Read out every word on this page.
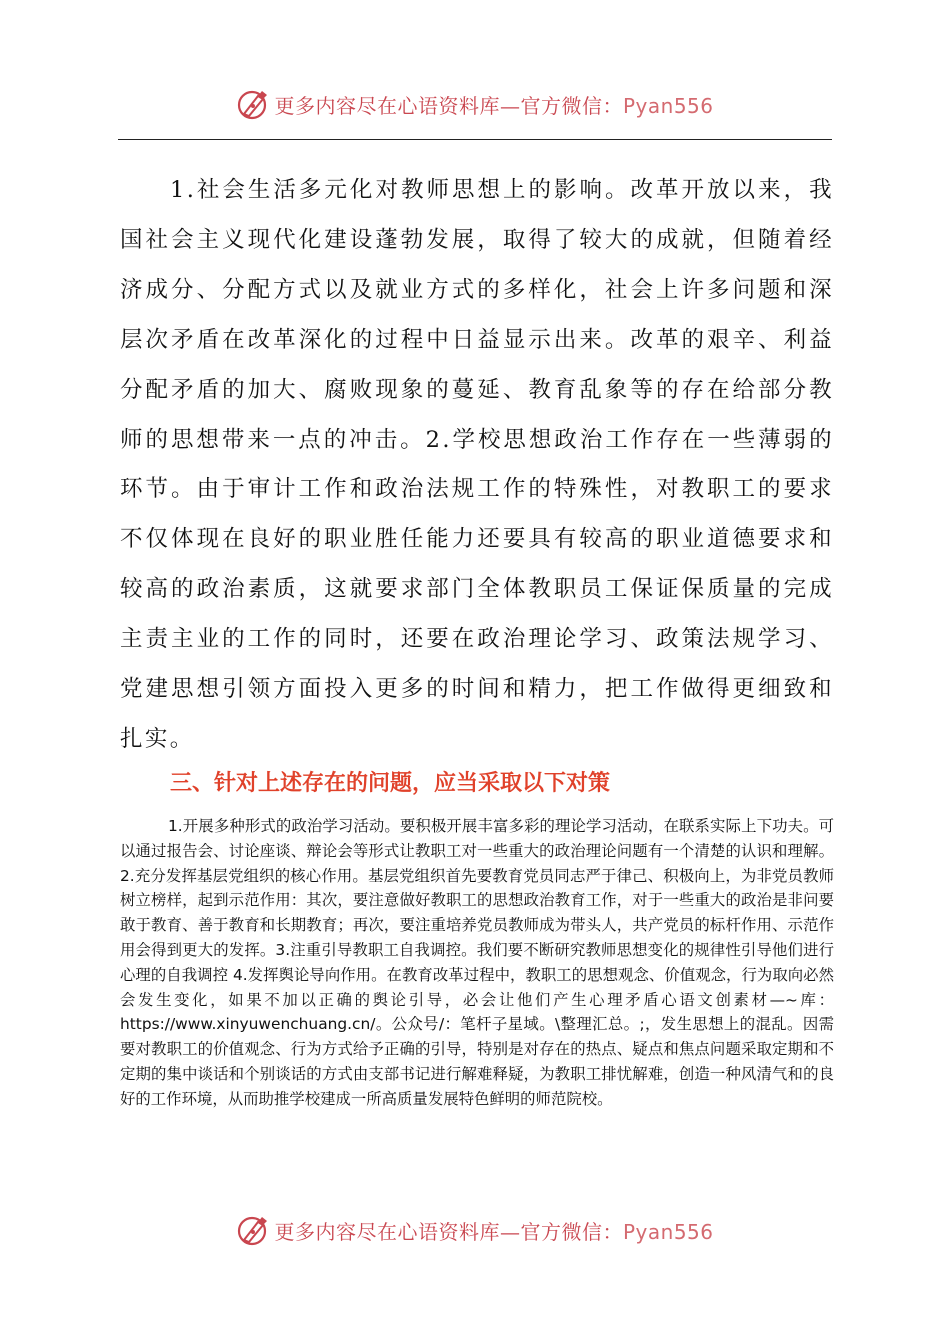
更多内容尽在心语资料库—官方微信：Pyan556

1.社会生活多元化对教师思想上的影响。改革开放以来，我国社会主义现代化建设蓬勃发展，取得了较大的成就，但随着经济成分、分配方式以及就业方式的多样化，社会上许多问题和深层次矛盾在改革深化的过程中日益显示出来。改革的艰辛、利益分配矛盾的加大、腐败现象的蔓延、教育乱象等的存在给部分教师的思想带来一点的冲击。2.学校思想政治工作存在一些薄弱的环节。由于审计工作和政治法规工作的特殊性，对教职工的要求不仅体现在良好的职业胜任能力还要具有较高的职业道德要求和较高的政治素质，这就要求部门全体教职员工保证保质量的完成主责主业的工作的同时，还要在政治理论学习、政策法规学习、党建思想引领方面投入更多的时间和精力，把工作做得更细致和扎实。

三、针对上述存在的问题，应当采取以下对策

1.开展多种形式的政治学习活动。要积极开展丰富多彩的理论学习活动，在联系实际上下功夫。可以通过报告会、讨论座谈、辩论会等形式让教职工对一些重大的政治理论问题有一个清楚的认识和理解。2.充分发挥基层党组织的核心作用。基层党组织首先要教育党员同志严于律己、积极向上，为非党员教师树立榜样，起到示范作用：其次，要注意做好教职工的思想政治教育工作，对于一些重大的政治是非问要敢于教育、善于教育和长期教育；再次，要注重培养党员教师成为带头人，共产党员的标杆作用、示范作用会得到更大的发挥。3.注重引导教职工自我调控。我们要不断研究教师思想变化的规律性引导他们进行心理的自我调控 4.发挥舆论导向作用。在教育改革过程中，教职工的思想观念、价值观念，行为取向必然会发生变化，如果不加以正确的舆论引导，必会让他们产生心理矛盾心语文创素材—~库：https://www.xinyuwenchuang.cn/。公众号/：笔杆子星域。\整理汇总。;，发生思想上的混乱。因需要对教职工的价值观念、行为方式给予正确的引导，特别是对存在的热点、疑点和焦点问题采取定期和不定期的集中谈话和个别谈话的方式由支部书记进行解难释疑，为教职工排忧解难，创造一种风清气和的良好的工作环境，从而助推学校建成一所高质量发展特色鲜明的师范院校。

更多内容尽在心语资料库—官方微信：Pyan556
